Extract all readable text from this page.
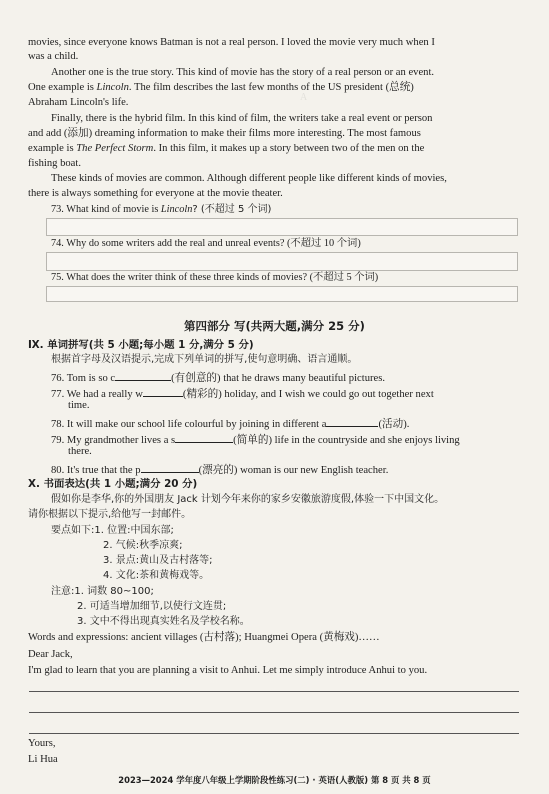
A
movies, since everyone knows Batman is not a real person. I loved the movie very much when I
was a child.
Another one is the true story. This kind of movie has the story of a real person or an event.
One example is Lincoln. The film describes the last few months of the US president (总统)
Abraham Lincoln's life.
Finally, there is the hybrid film. In this kind of film, the writers take a real event or person
and add (添加) dreaming information to make their films more interesting. The most famous
example is The Perfect Storm. In this film, it makes up a story between two of the men on the
fishing boat.
These kinds of movies are common. Although different people like different kinds of movies,
there is always something for everyone at the movie theater.
73. What kind of movie is Lincoln? (不超过 5 个词)
74. Why do some writers add the real and unreal events? (不超过 10 个词)
75. What does the writer think of these three kinds of movies? (不超过 5 个词)
第四部分 写(共两大题,满分 25 分)
Ⅸ. 单词拼写(共 5 小题;每小题 1 分,满分 5 分)
根据首字母及汉语提示,完成下列单词的拼写,使句意明确、语言通顺。
76. Tom is so c	(有创意的) that he draws many beautiful pictures.
77. We had a really w	(精彩的) holiday, and I wish we could go out together next
time.
78. It will make our school life colourful by joining in different a	(活动).
79. My grandmother lives a s	(简单的) life in the countryside and she enjoys living
there.
80. It's true that the p	(漂亮的) woman is our new English teacher.
Ⅹ. 书面表达(共 1 小题;满分 20 分)
假如你是李华,你的外国朋友 Jack 计划今年来你的家乡安徽旅游度假,体验一下中国文化。
请你根据以下提示,给他写一封邮件。
要点如下:1. 位置:中国东部;
2. 气候:秋季凉爽;
3. 景点:黄山及古村落等;
4. 文化:茶和黄梅戏等。
注意:1. 词数 80~100;
2. 可适当增加细节,以使行文连贯;
3. 文中不得出现真实姓名及学校名称。
Words and expressions: ancient villages (古村落); Huangmei Opera (黄梅戏)……
Dear Jack,
I'm glad to learn that you are planning a visit to Anhui. Let me simply introduce Anhui to you.
Yours,
Li Hua
2023—2024 学年度八年级上学期阶段性练习(二) · 英语(人教版) 第 8 页 共 8 页
